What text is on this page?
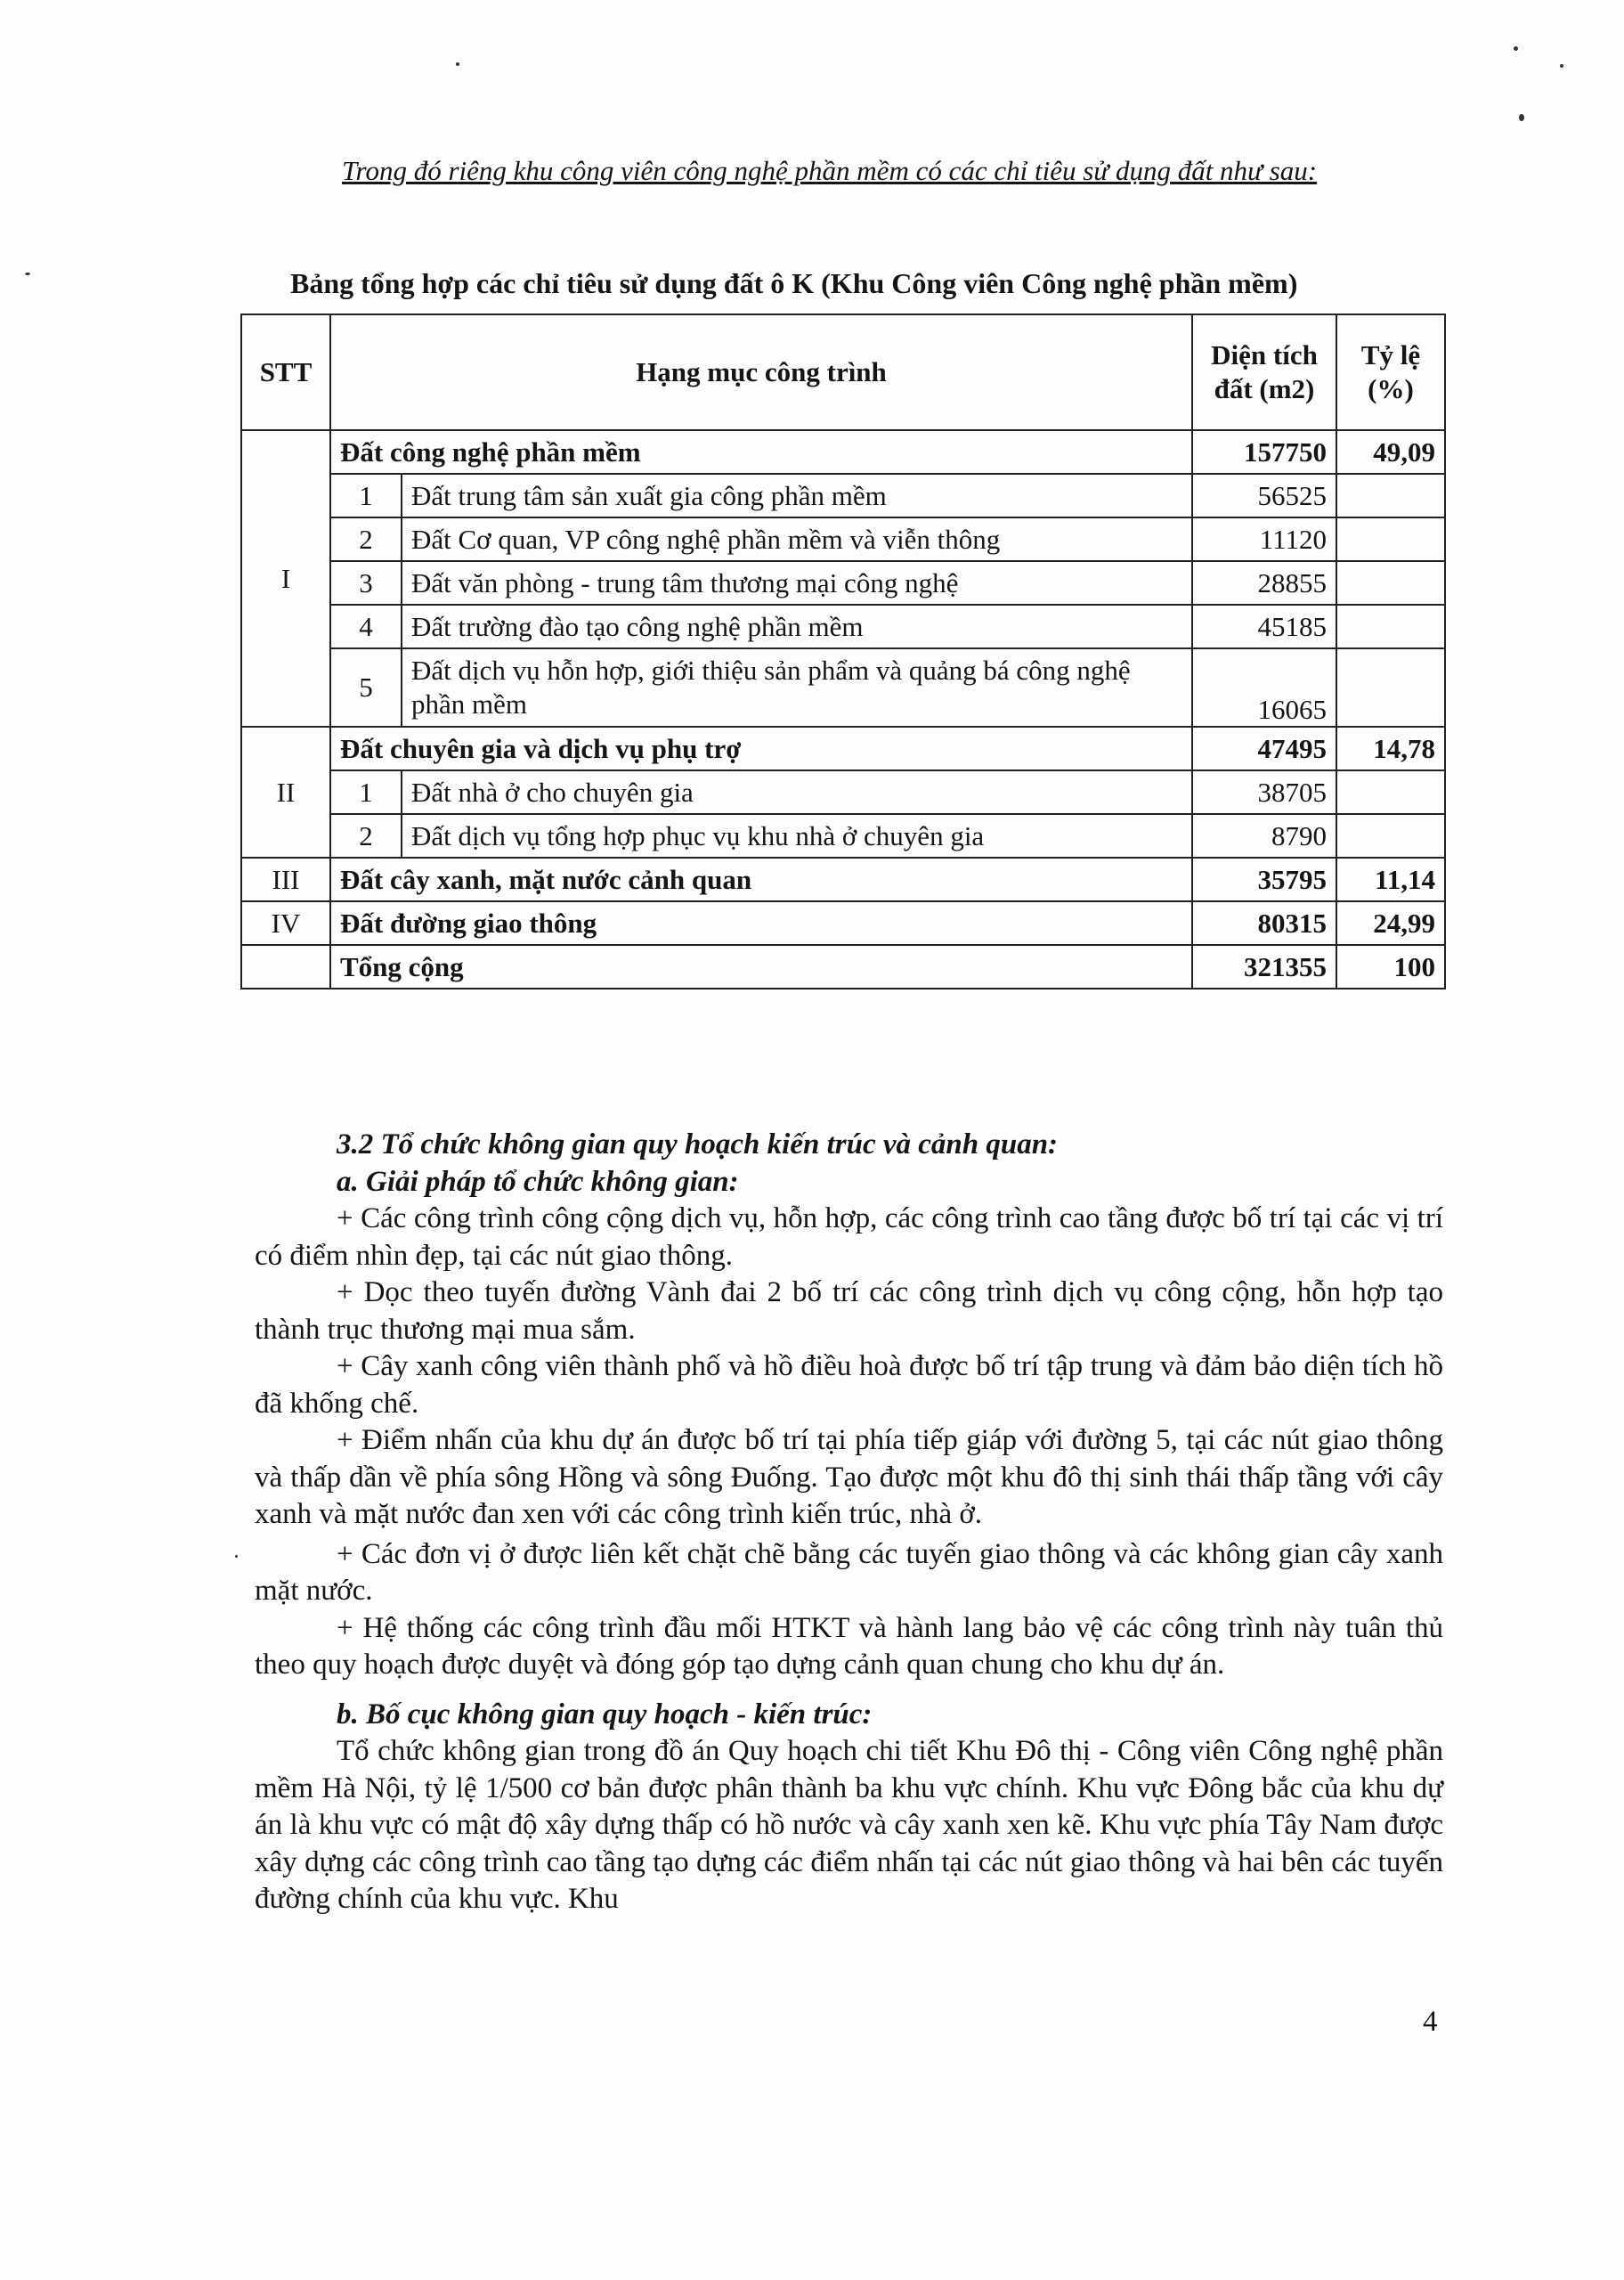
Trong đó riêng khu công viên công nghệ phần mềm có các chỉ tiêu sử dụng đất như sau:
Bảng tổng hợp các chỉ tiêu sử dụng đất ô K (Khu Công viên Công nghệ phần mềm)
STT	Hạng mục công trình		Diện tích đất (m2)	Tỷ lệ (%)
I	Đất công nghệ phần mềm		157750	49,09
	1	Đất trung tâm sản xuất gia công phần mềm	56525	
	2	Đất Cơ quan, VP công nghệ phần mềm và viễn thông	11120	
	3	Đất văn phòng - trung tâm thương mại công nghệ	28855	
	4	Đất trường đào tạo công nghệ phần mềm	45185	
	5	Đất dịch vụ hỗn hợp, giới thiệu sản phẩm và quảng bá công nghệ phần mềm	16065	
II	Đất chuyên gia và dịch vụ phụ trợ		47495	14,78
	1	Đất nhà ở cho chuyên gia	38705	
	2	Đất dịch vụ tổng hợp phục vụ khu nhà ở chuyên gia	8790	
III	Đất cây xanh, mặt nước cảnh quan		35795	11,14
IV	Đất đường giao thông		80315	24,99
	Tổng cộng		321355	100
3.2 Tổ chức không gian quy hoạch kiến trúc và cảnh quan:
a. Giải pháp tổ chức không gian:

+ Các công trình công cộng dịch vụ, hỗn hợp, các công trình cao tầng được bố trí tại các vị trí có điểm nhìn đẹp, tại các nút giao thông.

+ Dọc theo tuyến đường Vành đai 2 bố trí các công trình dịch vụ công cộng, hỗn hợp tạo thành trục thương mại mua sắm.

+ Cây xanh công viên thành phố và hồ điều hoà được bố trí tập trung và đảm bảo diện tích hồ đã khống chế.

+ Điểm nhấn của khu dự án được bố trí tại phía tiếp giáp với đường 5, tại các nút giao thông và thấp dần về phía sông Hồng và sông Đuống. Tạo được một khu đô thị sinh thái thấp tầng với cây xanh và mặt nước đan xen với các công trình kiến trúc, nhà ở.

+ Các đơn vị ở được liên kết chặt chẽ bằng các tuyến giao thông và các không gian cây xanh mặt nước.

+ Hệ thống các công trình đầu mối HTKT và hành lang bảo vệ các công trình này tuân thủ theo quy hoạch được duyệt và đóng góp tạo dựng cảnh quan chung cho khu dự án.

b. Bố cục không gian quy hoạch - kiến trúc:

Tổ chức không gian trong đồ án Quy hoạch chi tiết Khu Đô thị - Công viên Công nghệ phần mềm Hà Nội, tỷ lệ 1/500 cơ bản được phân thành ba khu vực chính. Khu vực Đông bắc của khu dự án là khu vực có mật độ xây dựng thấp có hồ nước và cây xanh xen kẽ. Khu vực phía Tây Nam được xây dựng các công trình cao tầng tạo dựng các điểm nhấn tại các nút giao thông và hai bên các tuyến đường chính của khu vực. Khu

4
